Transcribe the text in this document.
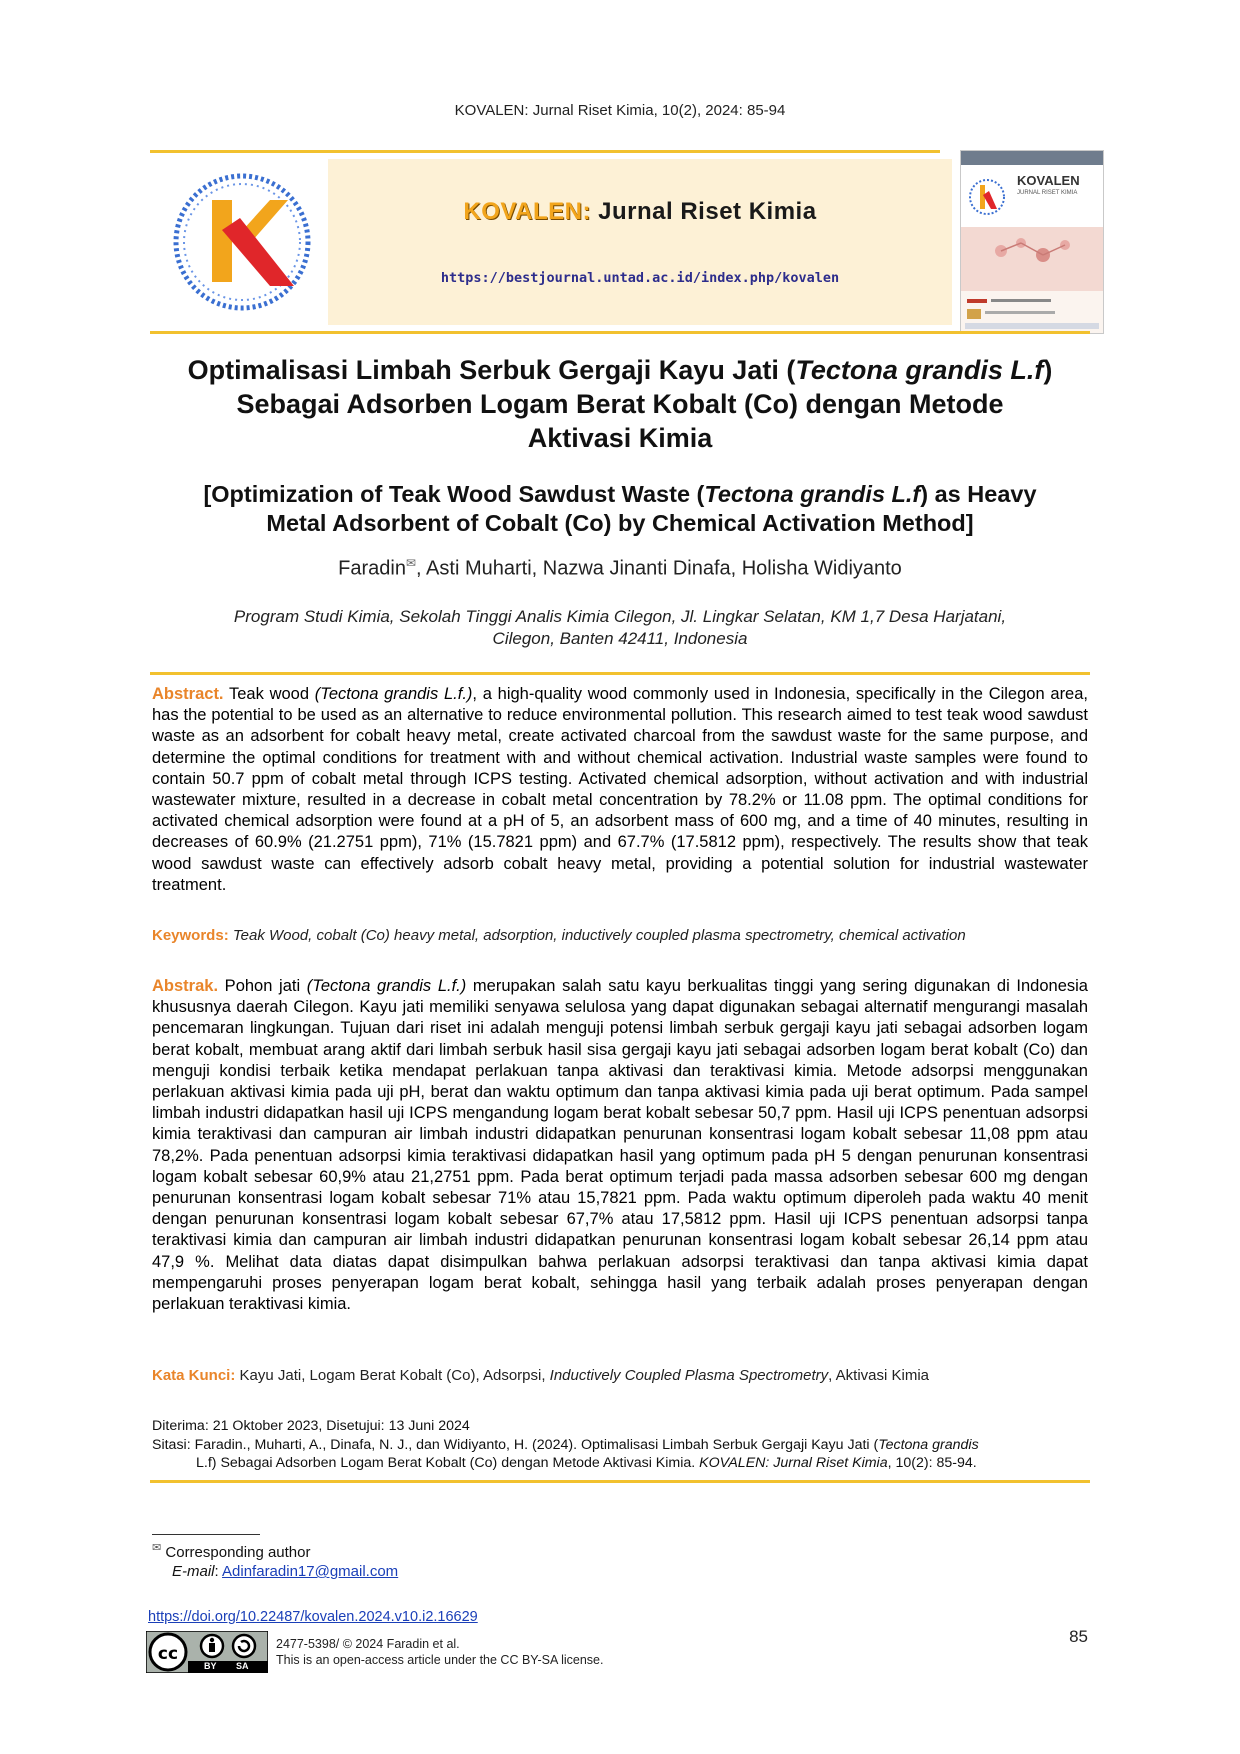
KOVALEN: Jurnal Riset Kimia, 10(2), 2024: 85-94
KOVALEN: Jurnal Riset Kimia
https://bestjournal.untad.ac.id/index.php/kovalen
KOVALEN
JURNAL RISET KIMIA
Optimalisasi Limbah Serbuk Gergaji Kayu Jati (Tectona grandis L.f)
Sebagai Adsorben Logam Berat Kobalt (Co) dengan Metode
Aktivasi Kimia
[Optimization of Teak Wood Sawdust Waste (Tectona grandis L.f) as Heavy
Metal Adsorbent of Cobalt (Co) by Chemical Activation Method]
Faradin✉, Asti Muharti, Nazwa Jinanti Dinafa, Holisha Widiyanto
Program Studi Kimia, Sekolah Tinggi Analis Kimia Cilegon, Jl. Lingkar Selatan, KM 1,7 Desa Harjatani,
Cilegon, Banten 42411, Indonesia
Abstract. Teak wood (Tectona grandis L.f.), a high-quality wood commonly used in Indonesia, specifically in the Cilegon area, has the potential to be used as an alternative to reduce environmental pollution. This research aimed to test teak wood sawdust waste as an adsorbent for cobalt heavy metal, create activated charcoal from the sawdust waste for the same purpose, and determine the optimal conditions for treatment with and without chemical activation. Industrial waste samples were found to contain 50.7 ppm of cobalt metal through ICPS testing. Activated chemical adsorption, without activation and with industrial wastewater mixture, resulted in a decrease in cobalt metal concentration by 78.2% or 11.08 ppm. The optimal conditions for activated chemical adsorption were found at a pH of 5, an adsorbent mass of 600 mg, and a time of 40 minutes, resulting in decreases of 60.9% (21.2751 ppm), 71% (15.7821 ppm) and 67.7% (17.5812 ppm), respectively. The results show that teak wood sawdust waste can effectively adsorb cobalt heavy metal, providing a potential solution for industrial wastewater treatment.
Keywords: Teak Wood, cobalt (Co) heavy metal, adsorption, inductively coupled plasma spectrometry, chemical activation
Abstrak. Pohon jati (Tectona grandis L.f.) merupakan salah satu kayu berkualitas tinggi yang sering digunakan di Indonesia khususnya daerah Cilegon. Kayu jati memiliki senyawa selulosa yang dapat digunakan sebagai alternatif mengurangi masalah pencemaran lingkungan. Tujuan dari riset ini adalah menguji potensi limbah serbuk gergaji kayu jati sebagai adsorben logam berat kobalt, membuat arang aktif dari limbah serbuk hasil sisa gergaji kayu jati sebagai adsorben logam berat kobalt (Co) dan menguji kondisi terbaik ketika mendapat perlakuan tanpa aktivasi dan teraktivasi kimia. Metode adsorpsi menggunakan perlakuan aktivasi kimia pada uji pH, berat dan waktu optimum dan tanpa aktivasi kimia pada uji berat optimum. Pada sampel limbah industri didapatkan hasil uji ICPS mengandung logam berat kobalt sebesar 50,7 ppm. Hasil uji ICPS penentuan adsorpsi kimia teraktivasi dan campuran air limbah industri didapatkan penurunan konsentrasi logam kobalt sebesar 11,08 ppm atau 78,2%. Pada penentuan adsorpsi kimia teraktivasi didapatkan hasil yang optimum pada pH 5 dengan penurunan konsentrasi logam kobalt sebesar 60,9% atau 21,2751 ppm. Pada berat optimum terjadi pada massa adsorben sebesar 600 mg dengan penurunan konsentrasi logam kobalt sebesar 71% atau 15,7821 ppm. Pada waktu optimum diperoleh pada waktu 40 menit dengan penurunan konsentrasi logam kobalt sebesar 67,7% atau 17,5812 ppm. Hasil uji ICPS penentuan adsorpsi tanpa teraktivasi kimia dan campuran air limbah industri didapatkan penurunan konsentrasi logam kobalt sebesar 26,14 ppm atau 47,9 %. Melihat data diatas dapat disimpulkan bahwa perlakuan adsorpsi teraktivasi dan tanpa aktivasi kimia dapat mempengaruhi proses penyerapan logam berat kobalt, sehingga hasil yang terbaik adalah proses penyerapan dengan perlakuan teraktivasi kimia.
Kata Kunci: Kayu Jati, Logam Berat Kobalt (Co), Adsorpsi, Inductively Coupled Plasma Spectrometry, Aktivasi Kimia
Diterima: 21 Oktober 2023, Disetujui: 13 Juni 2024
Sitasi: Faradin., Muharti, A., Dinafa, N. J., dan Widiyanto, H. (2024). Optimalisasi Limbah Serbuk Gergaji Kayu Jati (Tectona grandis
L.f) Sebagai Adsorben Logam Berat Kobalt (Co) dengan Metode Aktivasi Kimia. KOVALEN: Jurnal Riset Kimia, 10(2): 85-94.
✉ Corresponding author
E-mail: Adinfaradin17@gmail.com
https://doi.org/10.22487/kovalen.2024.v10.i2.16629
cc
BY SA
2477-5398/ © 2024 Faradin et al.
This is an open-access article under the CC BY-SA license.
85
